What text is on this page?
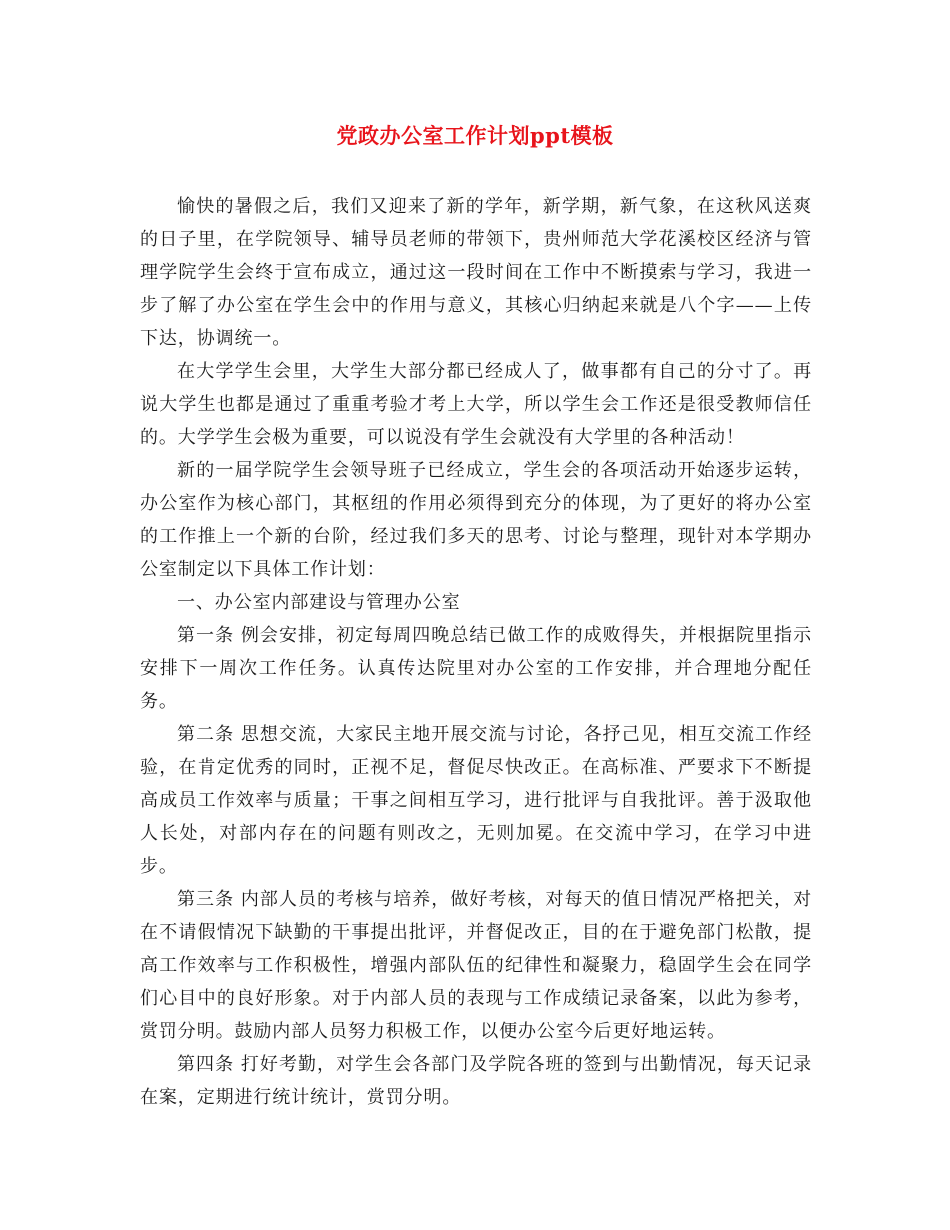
党政办公室工作计划ppt模板

愉快的暑假之后，我们又迎来了新的学年，新学期，新气象，在这秋风送爽的日子里，在学院领导、辅导员老师的带领下，贵州师范大学花溪校区经济与管理学院学生会终于宣布成立，通过这一段时间在工作中不断摸索与学习，我进一步了解了办公室在学生会中的作用与意义，其核心归纳起来就是八个字——上传下达，协调统一。

在大学学生会里，大学生大部分都已经成人了，做事都有自己的分寸了。再说大学生也都是通过了重重考验才考上大学，所以学生会工作还是很受教师信任的。大学学生会极为重要，可以说没有学生会就没有大学里的各种活动！

新的一届学院学生会领导班子已经成立，学生会的各项活动开始逐步运转，办公室作为核心部门，其枢纽的作用必须得到充分的体现，为了更好的将办公室的工作推上一个新的台阶，经过我们多天的思考、讨论与整理，现针对本学期办公室制定以下具体工作计划：

一、办公室内部建设与管理办公室

第一条 例会安排，初定每周四晚总结已做工作的成败得失，并根据院里指示安排下一周次工作任务。认真传达院里对办公室的工作安排，并合理地分配任务。

第二条 思想交流，大家民主地开展交流与讨论，各抒己见，相互交流工作经验，在肯定优秀的同时，正视不足，督促尽快改正。在高标准、严要求下不断提高成员工作效率与质量；干事之间相互学习，进行批评与自我批评。善于汲取他人长处，对部内存在的问题有则改之，无则加冕。在交流中学习，在学习中进步。

第三条 内部人员的考核与培养，做好考核，对每天的值日情况严格把关，对在不请假情况下缺勤的干事提出批评，并督促改正，目的在于避免部门松散，提高工作效率与工作积极性，增强内部队伍的纪律性和凝聚力，稳固学生会在同学们心目中的良好形象。对于内部人员的表现与工作成绩记录备案，以此为参考，赏罚分明。鼓励内部人员努力积极工作，以便办公室今后更好地运转。

第四条 打好考勤，对学生会各部门及学院各班的签到与出勤情况，每天记录在案，定期进行统计统计，赏罚分明。
